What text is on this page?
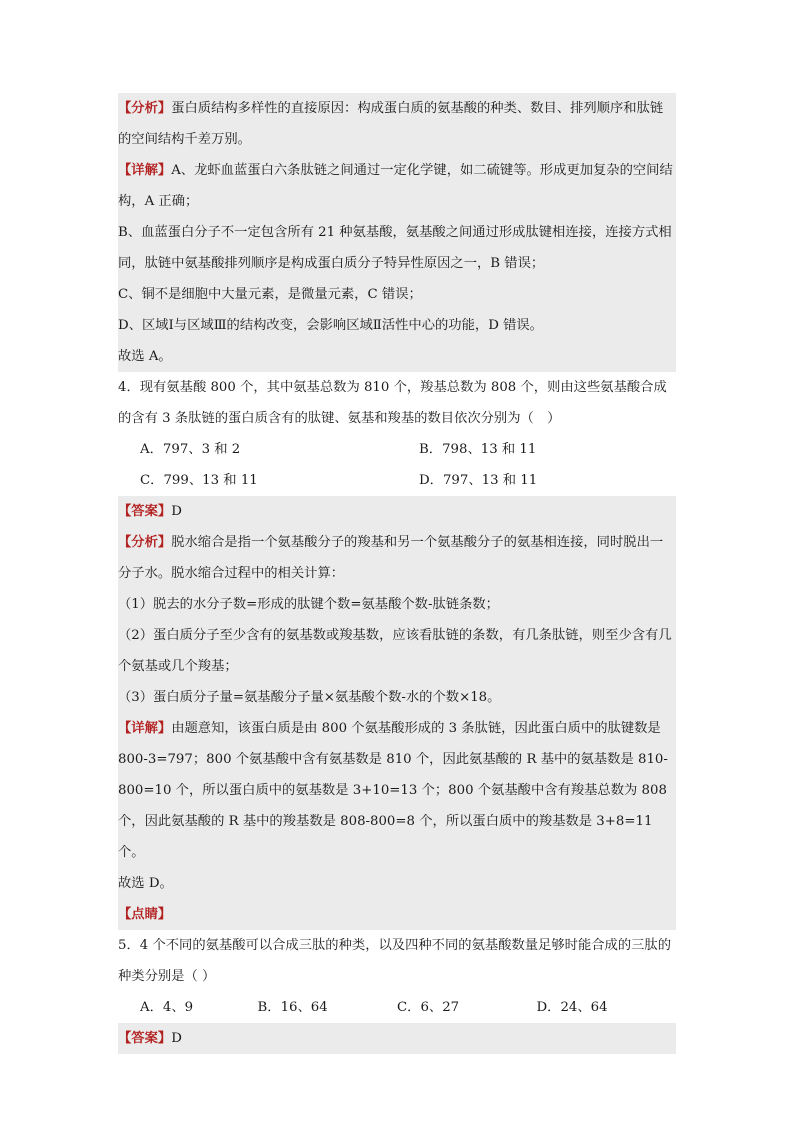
【分析】蛋白质结构多样性的直接原因：构成蛋白质的氨基酸的种类、数目、排列顺序和肽链的空间结构千差万别。

【详解】A、龙虾血蓝蛋白六条肽链之间通过一定化学键，如二硫键等。形成更加复杂的空间结构，A 正确；

B、血蓝蛋白分子不一定包含所有 21 种氨基酸，氨基酸之间通过形成肽键相连接，连接方式相同，肽链中氨基酸排列顺序是构成蛋白质分子特异性原因之一，B 错误；

C、铜不是细胞中大量元素，是微量元素，C 错误；

D、区域Ⅰ与区域Ⅲ的结构改变，会影响区域Ⅱ活性中心的功能，D 错误。

故选 A。

4．现有氨基酸 800 个，其中氨基总数为 810 个，羧基总数为 808 个，则由这些氨基酸合成的含有 3 条肽链的蛋白质含有的肽键、氨基和羧基的数目依次分别为（　）

A．797、3 和 2	B．798、13 和 11
C．799、13 和 11	D．797、13 和 11

【答案】D

【分析】脱水缩合是指一个氨基酸分子的羧基和另一个氨基酸分子的氨基相连接，同时脱出一分子水。脱水缩合过程中的相关计算：

（1）脱去的水分子数=形成的肽键个数=氨基酸个数-肽链条数；

（2）蛋白质分子至少含有的氨基数或羧基数，应该看肽链的条数，有几条肽链，则至少含有几个氨基或几个羧基；

（3）蛋白质分子量=氨基酸分子量×氨基酸个数-水的个数×18。

【详解】由题意知，该蛋白质是由 800 个氨基酸形成的 3 条肽链，因此蛋白质中的肽键数是 800-3=797；800 个氨基酸中含有氨基数是 810 个，因此氨基酸的 R 基中的氨基数是 810-800=10 个，所以蛋白质中的氨基数是 3+10=13 个；800 个氨基酸中含有羧基总数为 808 个，因此氨基酸的 R 基中的羧基数是 808-800=8 个，所以蛋白质中的羧基数是 3+8=11 个。

故选 D。

【点睛】

5．4 个不同的氨基酸可以合成三肽的种类，以及四种不同的氨基酸数量足够时能合成的三肽的种类分别是（ ）

A．4、9	B．16、64	C．6、27	D．24、64

【答案】D
